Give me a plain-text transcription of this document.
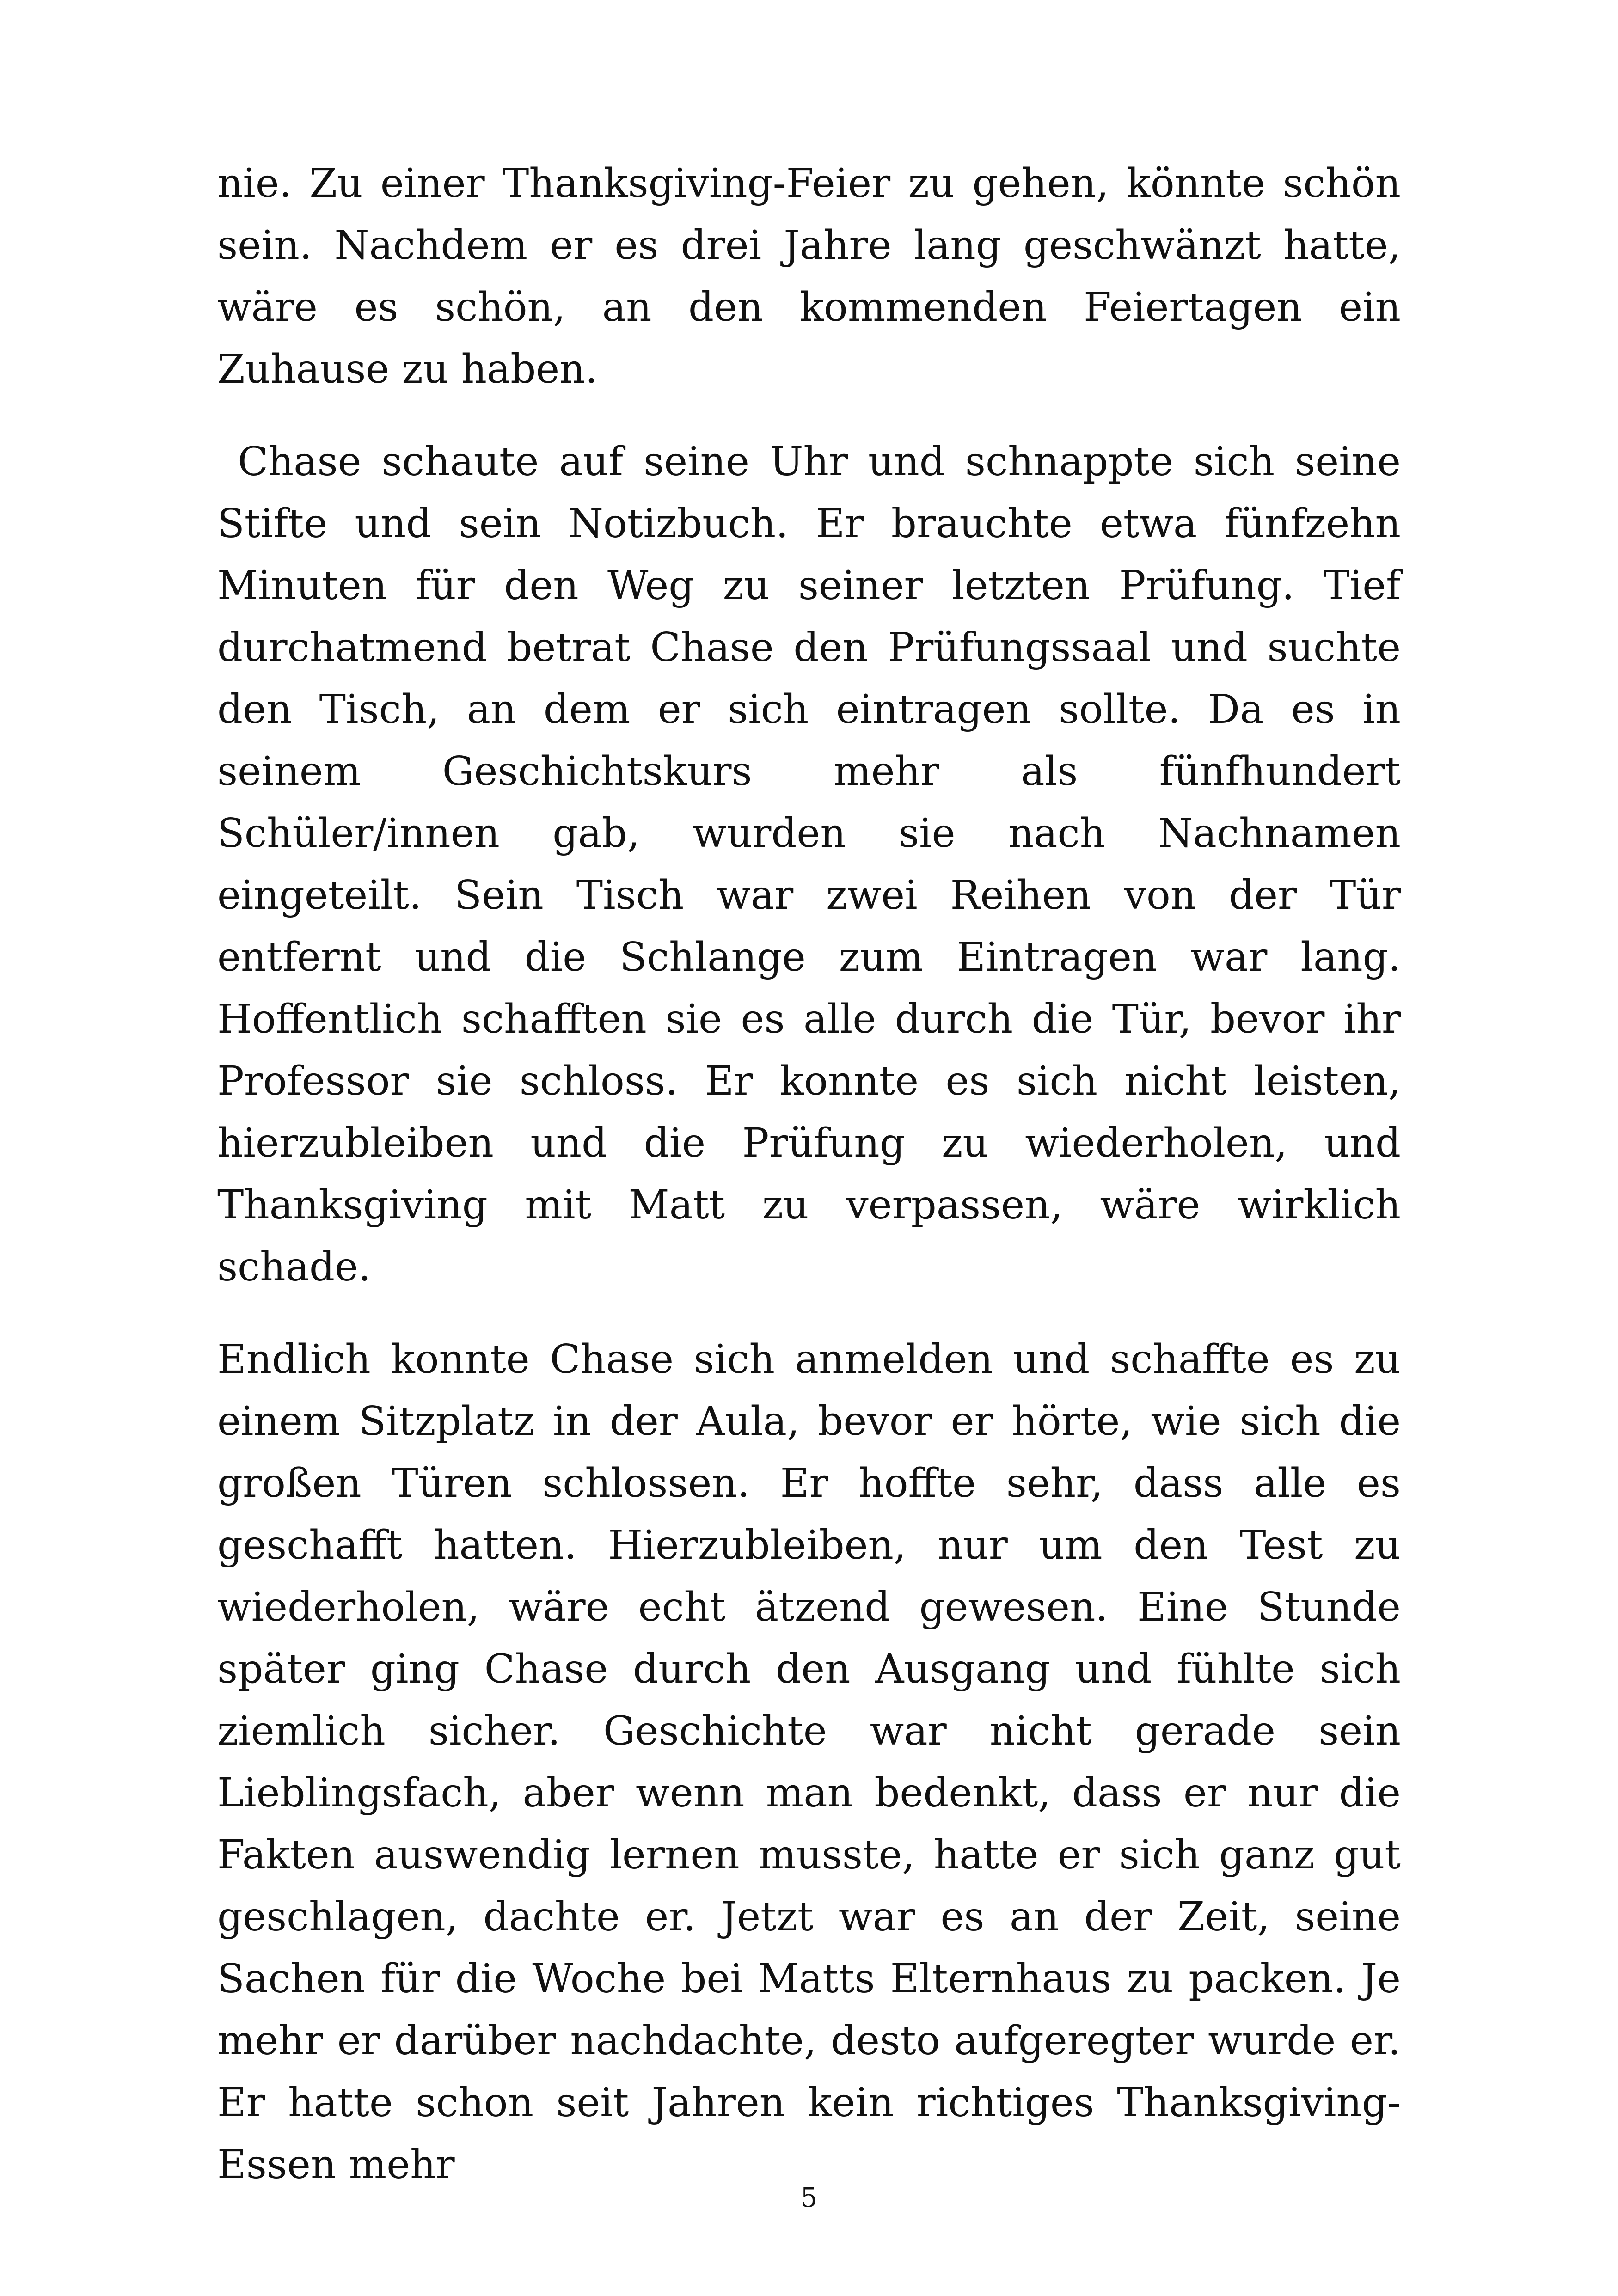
nie. Zu einer Thanksgiving-Feier zu gehen, könnte schön sein. Nachdem er es drei Jahre lang geschwänzt hatte, wäre es schön, an den kommenden Feiertagen ein Zuhause zu haben.

Chase schaute auf seine Uhr und schnappte sich seine Stifte und sein Notizbuch. Er brauchte etwa fünfzehn Minuten für den Weg zu seiner letzten Prüfung. Tief durchatmend betrat Chase den Prüfungssaal und suchte den Tisch, an dem er sich eintragen sollte. Da es in seinem Geschichtskurs mehr als fünfhundert Schüler/innen gab, wurden sie nach Nachnamen eingeteilt. Sein Tisch war zwei Reihen von der Tür entfernt und die Schlange zum Eintragen war lang. Hoffentlich schafften sie es alle durch die Tür, bevor ihr Professor sie schloss. Er konnte es sich nicht leisten, hierzubleiben und die Prüfung zu wiederholen, und Thanksgiving mit Matt zu verpassen, wäre wirklich schade.

Endlich konnte Chase sich anmelden und schaffte es zu einem Sitzplatz in der Aula, bevor er hörte, wie sich die großen Türen schlossen. Er hoffte sehr, dass alle es geschafft hatten. Hierzubleiben, nur um den Test zu wiederholen, wäre echt ätzend gewesen. Eine Stunde später ging Chase durch den Ausgang und fühlte sich ziemlich sicher. Geschichte war nicht gerade sein Lieblingsfach, aber wenn man bedenkt, dass er nur die Fakten auswendig lernen musste, hatte er sich ganz gut geschlagen, dachte er. Jetzt war es an der Zeit, seine Sachen für die Woche bei Matts Elternhaus zu packen. Je mehr er darüber nachdachte, desto aufgeregter wurde er. Er hatte schon seit Jahren kein richtiges Thanksgiving-Essen mehr

5
